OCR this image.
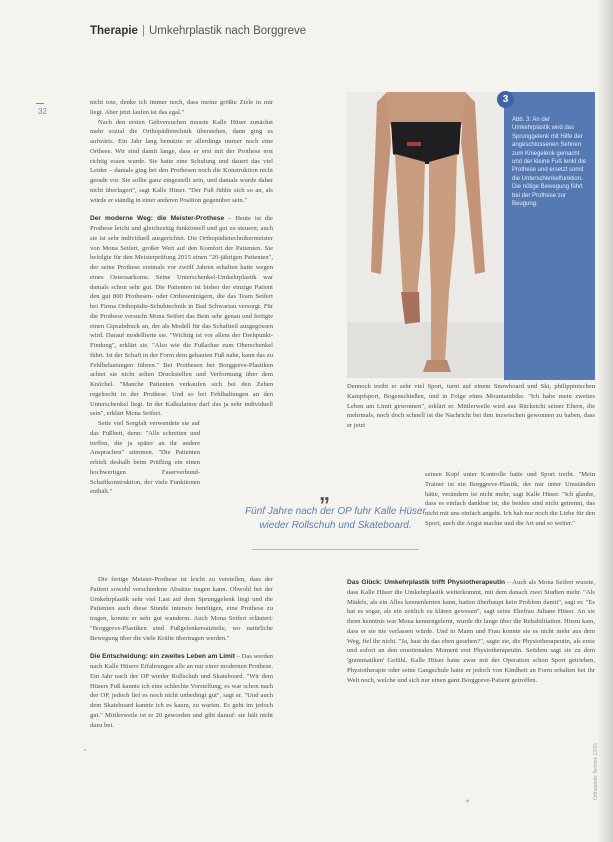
Therapie | Umkehrplastik nach Borggreve
32

nicht tote, denke ich immer noch, dass meine größte Ziele in mir liegt. Aber jetzt laufen ist das egal."

Nach den ersten Gehversuchen musste Kalle Hüser zunächst mehr sozial die Orthopädietechnik überstehen, dann ging es aufwärts. Ein Jahr lang benutzte er allerdings immer noch eine Orthese. Wir sind damit lange, dass er erst mit der Prothese erst richtig essen wurde. Sie hatte eine Schulung und dauert das viel Leider – damals ging bei den Prothesen noch die Konstruktion nicht gerade vor. Sie sollte ganz eingestellt sein, und damals wurde daher nicht überlagert", sagt Kalle Hüser. "Der Fuß fühlte sich so an, als würde er ständig in einer anderen Position gegenüber sein."

Der moderne Weg: die Meister-Prothese – Heute ist die Prothese leicht und gleichzeitig funktionell und gut zu steuern; auch sie ist sehr individuell ausgerichtet. Die Orthopädietechnikermeister von Mona Seifert, großer Wert auf den Komfort der Patienten. Sie befolgte für den Meisterprüfung 2015 einen "20-jährigen Patienten", der seine Prothese erstmals vor zwölf Jahren erhalten hatte wegen eines Osteosarkoms. Seine Unterschenkel-Umkehrplastik war damals schon sehr gut. Die Patienten ist bisher der einzige Patient den gut 800 Prothesen- oder Orthesenträgern, die das Team Seifert bei Firma Orthopädie-Schuhtechnik in Bad Schwartau versorgt. Für die Prothese versucht Mona Seifert das Bein sehr genau und fertigte einen Gipsabdruck an, der als Modell für das Schaftteil ausgegossen wird. Darauf modellierte sie. "Wichtig ist vor allem der Drehpunkt-Findung", erklärt sie. "Also wie die Fußachse zum Oberschenkel führt. Ist der Schaft in der Form dem gebauten Fuß nahe, kann das zu Fehlbelastungen führen." Bei Prothesen bei Borggreve-Plastiken achtet sie nicht selten Druckstellen und Verformung über dem Knöchel. "Manche Patienten verkaufen sich bei den Zehen regelrecht in der Prothese. Und so bei Fehlhaltungen an den Unterschenkel liegt. In der Kalkulation darf das ja sehr individuell sein", erklärt Mona Seifert.

Seite viel Sorgfalt verwendete sie auf das Fußbett, denn: "Alle schreiten und treffen, die ja später an ihr andere Ansprachen" stimmen. "Die Patienten erhielt deshalb beim Prüfling ein einen hochwertigen Faserverbund-Schaftkonstruktion, der viele Funktionen enthält."

Die fertige Meister-Prothese ist leicht zu verstellen, dass der Patient sowohl verschiedene Absätze tragen kann. Obwohl bei der Umkehrplastik sehr viel Last auf dem Sprunggelenk liegt und die Patienten auch diese Stunde intensiv benötigen, eine Prothese zu tragen, konnte er sehr gut wanderm. Auch Mona Seifert erläutert: "Borggreve-Plastiken sind Fußgelenkersatzteile, wo natürliche Bewegung über die viele Kräfte übertragen werden."

Die Entscheidung: ein zweites Leben am Limit – Das werden nach Kalle Hüsers Erfahrungen alle an nur einer modernen Prothese. Ein Jahr nach der OP wieder Rollschuh und Skateboard. "Wir dem Hüsers Fuß kannte ich eine schlechte Vorstellung, es war schon nach der OP, jedoch lief es noch nicht unbedingt gut", sagt er. "Und auch dem Skateboard kannte ich es kaum, zu warten. Es geht im jedoch gut." Mittlerweile ist er 20 geworden und gibt darauf: sie hält nicht dazu bei.

Abb. 3: An der Umkehrplastik wird das Sprunggelenk mit Hilfe der angeschlossenen Sehnen zum Kniegelenk gemacht und der kleine Fuß lenkt die Prothese und ersetzt somit die Unterschenkelfunktion. Die nötige Bewegung führt bei der Prothese zur Beugung.
3

Dennoch treibt er sehr viel Sport, turnt auf einem Snowboard und Ski, philippinischen Kampfsport, Bogenschießen, und in Folge eines Mountainbike. "Ich habe mein zweites Leben am Limit gewonnen", erklärt er. Mittlerweile wird aus Rücksicht seiner Eltern, die mehrmals, noch doch schnell ist die Nachricht bei ihm inzwischen gewonnen zu haben, dass er jetzt

„
Fünf Jahre nach der OP fuhr Kalle Hüser wieder Rollschuh und Skateboard.

seinen Kopf unter Kontrolle hatte und Sport treibt. "Mein Trainer ist ein Borggreve-Plastik, der mir unter Umständen hätte, verändern ist nicht mehr, sagt Kalle Hüser. "Ich glaube, dass es einfach dankbar ist, die beiden sind nicht getrennt, das nicht mit uns einfach angeht. Ich hab nur noch die Liebe für den Sport, auch die Angst machte und die Art und so weiter."

Das Glück: Umkehrplastik trifft Physiotherapeutin – Auch als Mona Seifert wusste, dass Kalle Hüser die Umkehrplastik weiterkommt, mit dem danach zwei Studien mehr. "Als Mädels, als ein Alles kennenlernen kann, hatten überhaupt kein Problem damit", sagt er. "Es hat es sogar, als ein zeitlich zu klären gewesen", sagt seine Ehefrau Juliane Hüser. An sie ihren kenntnis war Mona kennengelernt, wurde dir lange über die Rehabilitation. Hinzu kam, dass er sie nie verlassen würde. Und in Mann und Frau konnte sie es nicht mehr aus dem Weg, fiel ihr nicht. "Ja, hast du das eben gesehen?", sagte sie, die Physiotherapeutin, als erste und sofort an den emotionalen Moment erst Physiotherapeutin. Seitdem sagt sie zu dem 'grammatiken' Gefühl. Kalle Hüser hatte zwar mit der Operation schon Sport getrieben, Physiotherapie oder seine Gangschule hatte er jedoch von Kindheit an Form erhalten bei ihr Welt noch, welche und sich nur einen ganz Borggreve-Patient getroffen.

✦
▪	Orthopädie Technik 12/15
